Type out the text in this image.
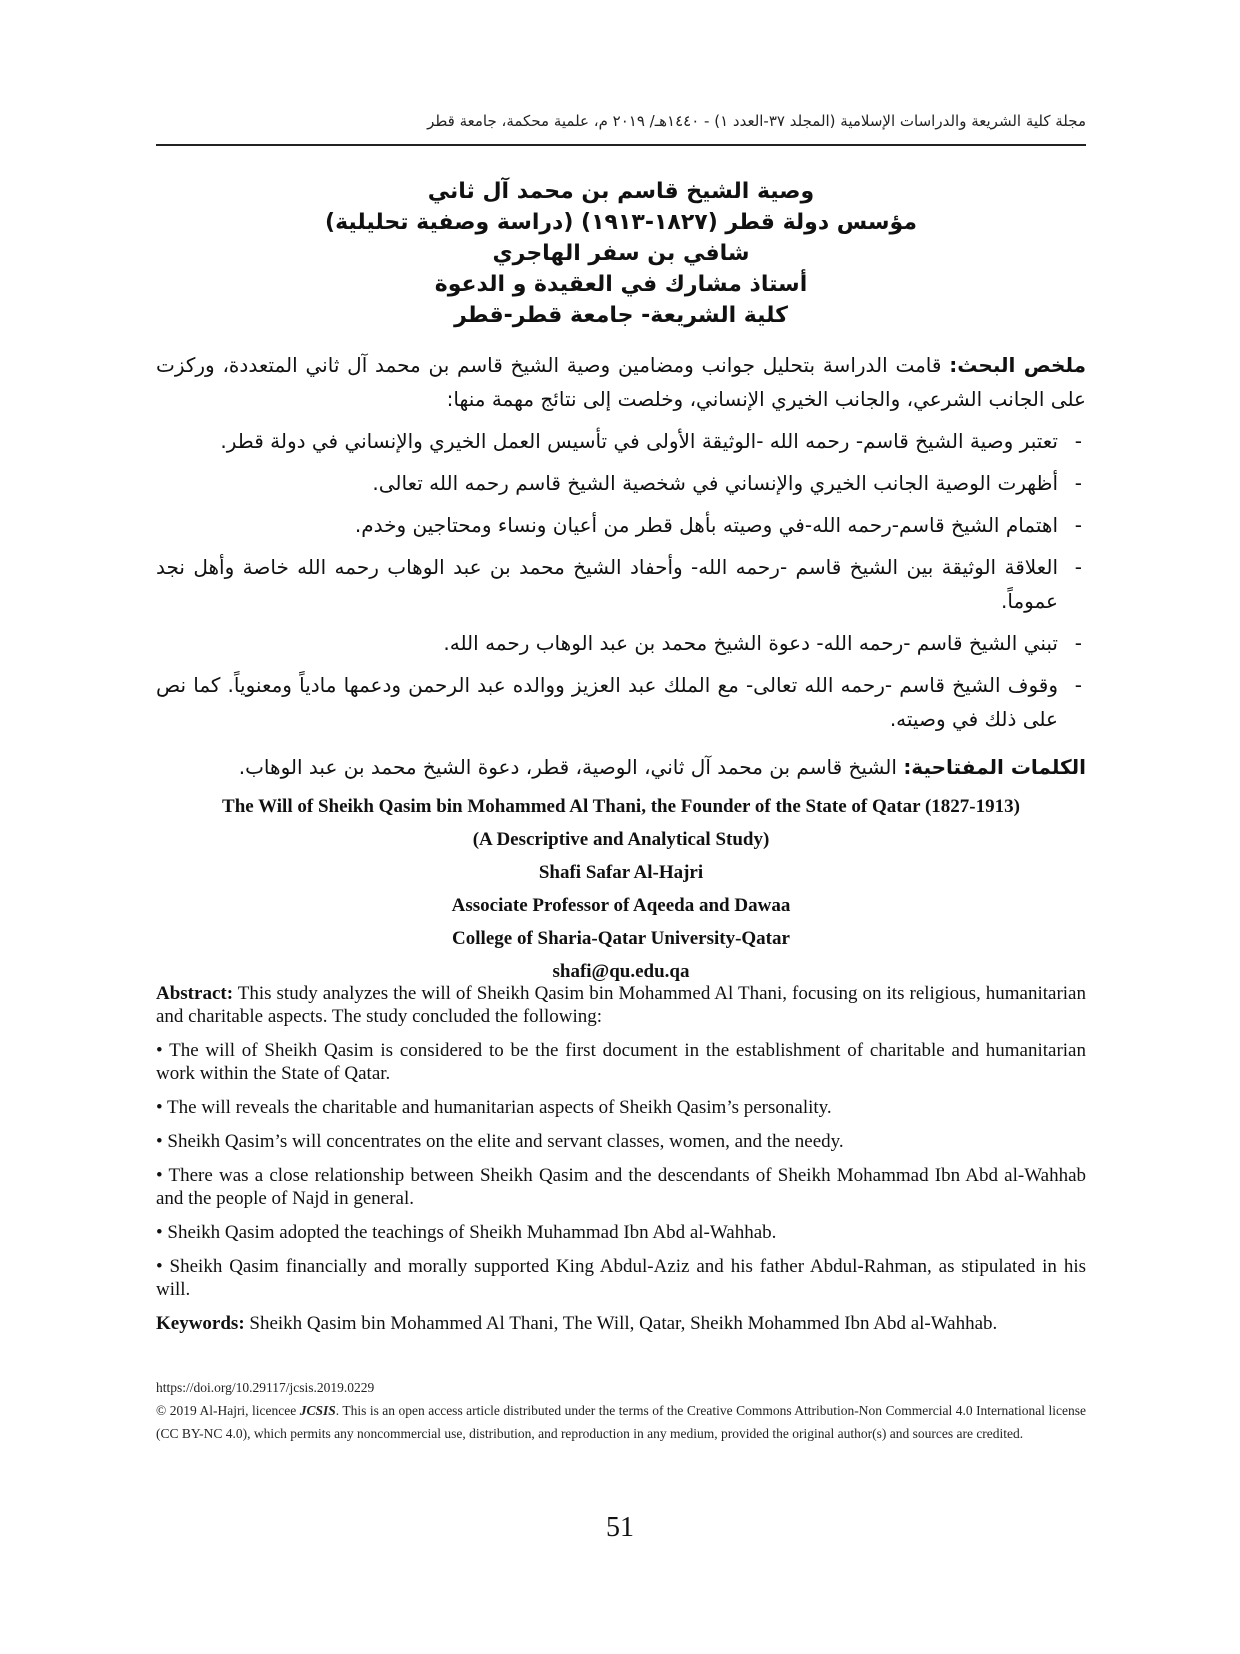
مجلة كلية الشريعة والدراسات الإسلامية (المجلد ٣٧-العدد ١) - ١٤٤٠هـ/ ٢٠١٩ م، علمية محكمة، جامعة قطر
وصية الشيخ قاسم بن محمد آل ثاني
مؤسس دولة قطر (١٨٢٧-١٩١٣) (دراسة وصفية تحليلية)
شافي بن سفر الهاجري
أستاذ مشارك في العقيدة و الدعوة
كلية الشريعة- جامعة قطر-قطر
ملخص البحث: قامت الدراسة بتحليل جوانب ومضامين وصية الشيخ قاسم بن محمد آل ثاني المتعددة، وركزت على الجانب الشرعي، والجانب الخيري الإنساني، وخلصت إلى نتائج مهمة منها:
-
تعتبر وصية الشيخ قاسم- رحمه الله -الوثيقة الأولى في تأسيس العمل الخيري والإنساني في دولة قطر.
-
أظهرت الوصية الجانب الخيري والإنساني في شخصية الشيخ قاسم رحمه الله تعالى.
-
اهتمام الشيخ قاسم-رحمه الله-في وصيته بأهل قطر من أعيان ونساء ومحتاجين وخدم.
-
العلاقة الوثيقة بين الشيخ قاسم -رحمه الله- وأحفاد الشيخ محمد بن عبد الوهاب رحمه الله خاصة وأهل نجد عموماً.
-
تبني الشيخ قاسم -رحمه الله- دعوة الشيخ محمد بن عبد الوهاب رحمه الله.
-
وقوف الشيخ قاسم -رحمه الله تعالى- مع الملك عبد العزيز ووالده عبد الرحمن ودعمها مادياً ومعنوياً. كما نص على ذلك في وصيته.
الكلمات المفتاحية: الشيخ قاسم بن محمد آل ثاني، الوصية، قطر، دعوة الشيخ محمد بن عبد الوهاب.
The Will of Sheikh Qasim bin Mohammed Al Thani, the Founder of the State of Qatar (1827-1913)
(A Descriptive and Analytical Study)
Shafi Safar Al-Hajri
Associate Professor of Aqeeda and Dawaa
College of Sharia-Qatar University-Qatar
shafi@qu.edu.qa

Abstract: This study analyzes the will of Sheikh Qasim bin Mohammed Al Thani, focusing on its religious, humanitarian and charitable aspects. The study concluded the following:

• The will of Sheikh Qasim is considered to be the first document in the establishment of charitable and humanitarian work within the State of Qatar.

• The will reveals the charitable and humanitarian aspects of Sheikh Qasim’s personality.

• Sheikh Qasim’s will concentrates on the elite and servant classes, women, and the needy.

• There was a close relationship between Sheikh Qasim and the descendants of Sheikh Mohammad Ibn Abd al-Wahhab and the people of Najd in general.

• Sheikh Qasim adopted the teachings of Sheikh Muhammad Ibn Abd al-Wahhab.

• Sheikh Qasim financially and morally supported King Abdul-Aziz and his father Abdul-Rahman, as stipulated in his will.

Keywords: Sheikh Qasim bin Mohammed Al Thani, The Will, Qatar, Sheikh Mohammed Ibn Abd al-Wahhab.

https://doi.org/10.29117/jcsis.2019.0229
© 2019 Al-Hajri, licencee JCSIS. This is an open access article distributed under the terms of the Creative Commons Attribution-Non Commercial 4.0 International license (CC BY-NC 4.0), which permits any noncommercial use, distribution, and reproduction in any medium, provided the original author(s) and sources are credited.
51
